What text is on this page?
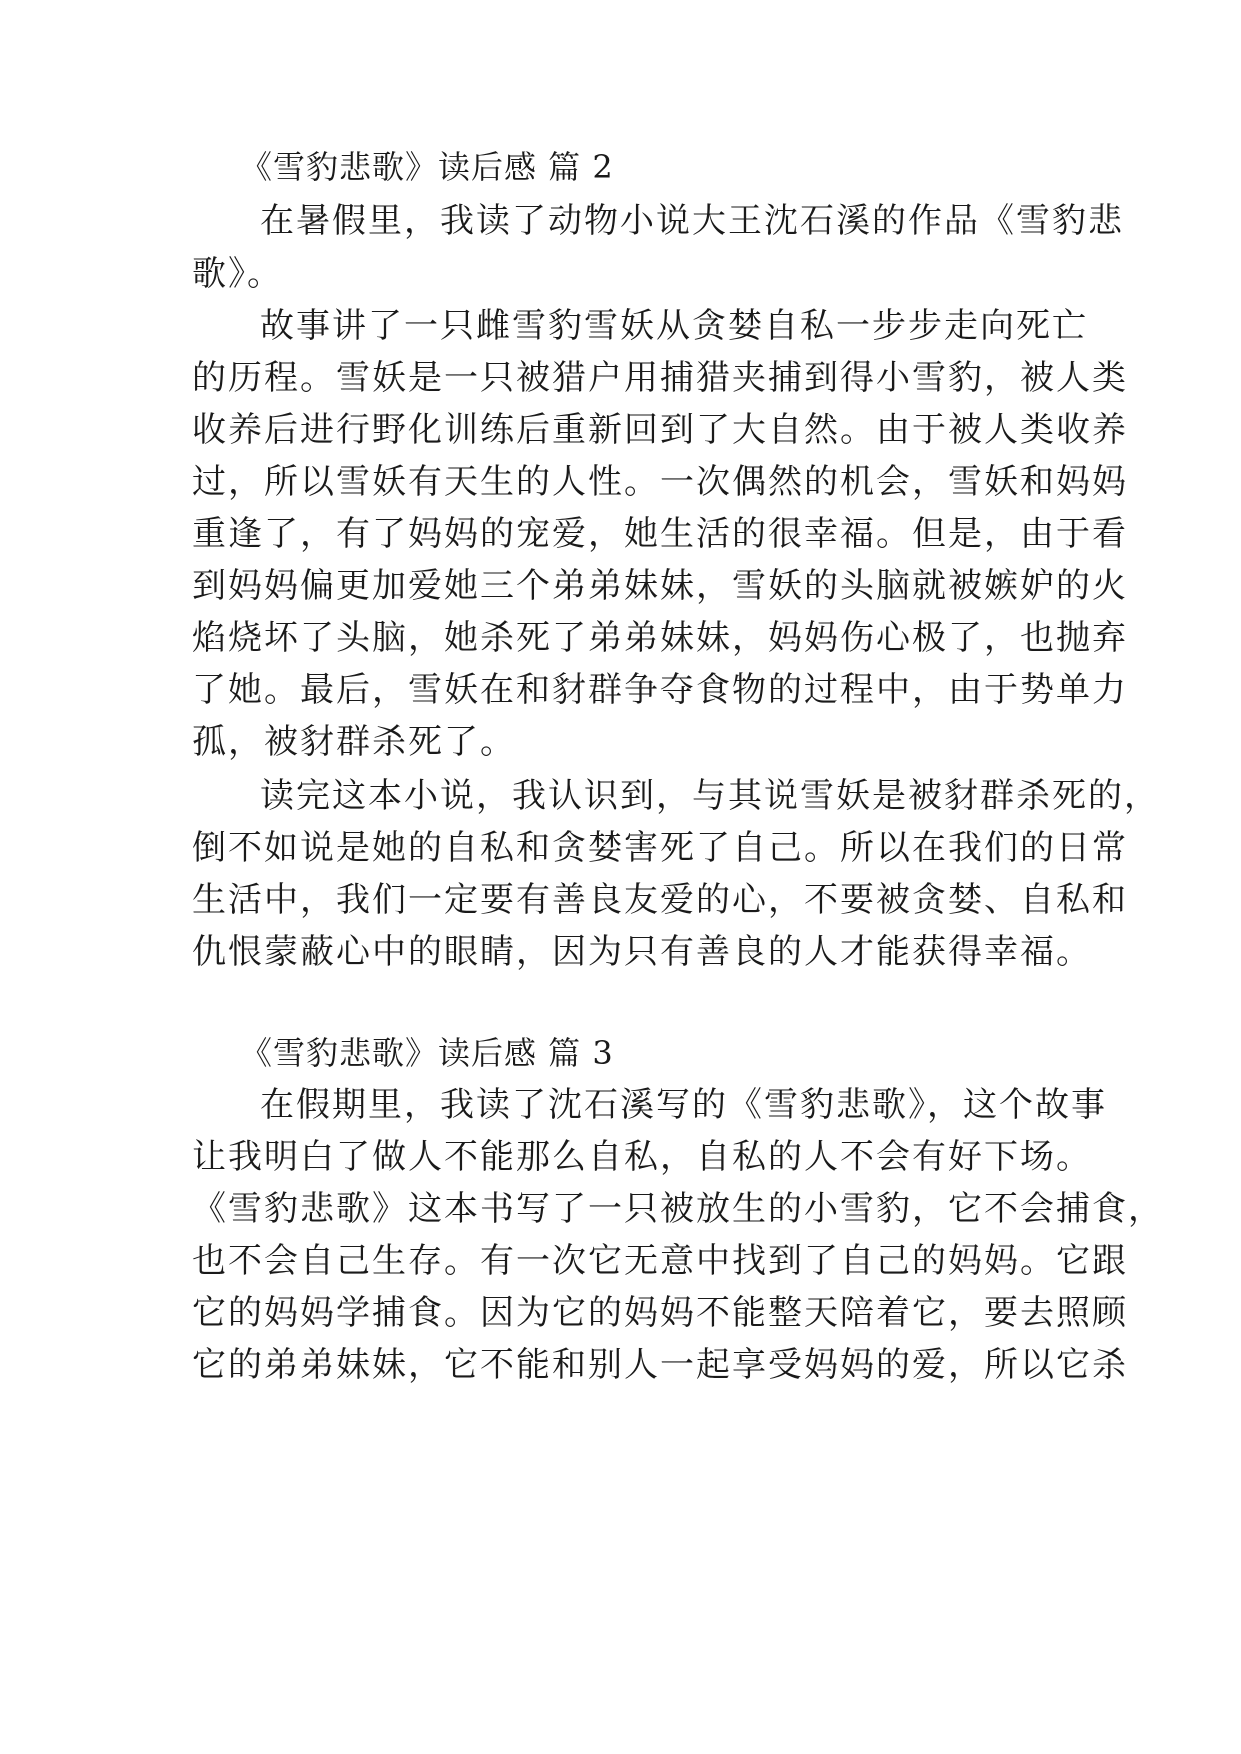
《雪豹悲歌》读后感 篇 2
在暑假里，我读了动物小说大王沈石溪的作品《雪豹悲
歌》。
故事讲了一只雌雪豹雪妖从贪婪自私一步步走向死亡
的历程。雪妖是一只被猎户用捕猎夹捕到得小雪豹，被人类
收养后进行野化训练后重新回到了大自然。由于被人类收养
过，所以雪妖有天生的人性。一次偶然的机会，雪妖和妈妈
重逢了，有了妈妈的宠爱，她生活的很幸福。但是，由于看
到妈妈偏更加爱她三个弟弟妹妹，雪妖的头脑就被嫉妒的火
焰烧坏了头脑，她杀死了弟弟妹妹，妈妈伤心极了，也抛弃
了她。最后，雪妖在和豺群争夺食物的过程中，由于势单力
孤，被豺群杀死了。
读完这本小说，我认识到，与其说雪妖是被豺群杀死的，
倒不如说是她的自私和贪婪害死了自己。所以在我们的日常
生活中，我们一定要有善良友爱的心，不要被贪婪、自私和
仇恨蒙蔽心中的眼睛，因为只有善良的人才能获得幸福。
《雪豹悲歌》读后感 篇 3
在假期里，我读了沈石溪写的《雪豹悲歌》，这个故事
让我明白了做人不能那么自私，自私的人不会有好下场。
《雪豹悲歌》这本书写了一只被放生的小雪豹，它不会捕食，
也不会自己生存。有一次它无意中找到了自己的妈妈。它跟
它的妈妈学捕食。因为它的妈妈不能整天陪着它，要去照顾
它的弟弟妹妹，它不能和别人一起享受妈妈的爱，所以它杀
